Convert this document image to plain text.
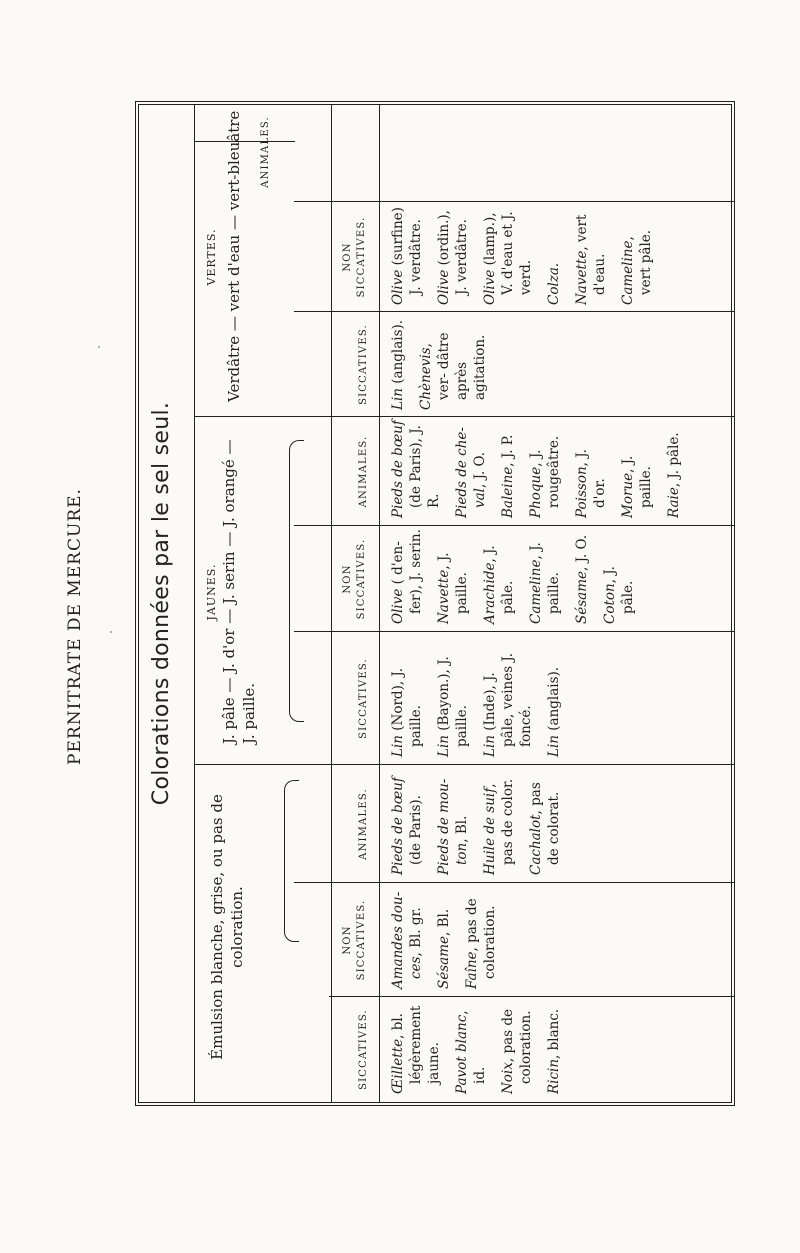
PERNITRATE DE MERCURE.	Colorations données par le sel seul.
Émulsion blanche, grise, ou pas de coloration.
JAUNES. J. pâle — J. d'or — J. serin — J. orangé — J. paille.
VERTES. Verdâtre — vert d'eau — vert-bleuâtre
SICCATIVES.
NON SICCATIVES.
ANIMALES.
SICCATIVES.
NON SICCATIVES.
ANIMALES.
SICCATIVES.
NON SICCATIVES.
ANIMALES.
Œillette, bl. légèrement jaune. Pavot blanc, id. Noix, pas de coloration. Ricin, blanc.
Amandes dou- ces, Bl. gr.
Sésame, Bl.
Faîne, pas de coloration.
Pieds de bœuf (de Paris). Pieds de mou- ton, Bl. Huile de suif, pas de color. Cachalot, pas de colorat.
Lin (Nord), J. paille. Lin (Bayon.), J. paille. Lin (Inde), J. pâle, veines J. foncé. Lin (anglais).
Olive ( d'en- fer), J. serin. Navette, J. paille. Arachide, J. pâle. Cameline, J. paille. Sésame, J. O.
Coton, J. pâle.
Pieds de bœuf (de Paris), J. R. Pieds de che- val, J. O. Baleine, J. P.
Phoque, J. rougeâtre. Poisson, J. d'or. Morue, J. paille. Raie, J. pâle.
Lin (anglais). Chènevis, ver- dâtre après agitation.
Olive (surfine) J. verdâtre. Olive (ordin.), J. verdâtre. Olive (lamp.), V. d'eau et J. verd. Colza. Navette, vert d'eau. Cameline, vert pâle.
